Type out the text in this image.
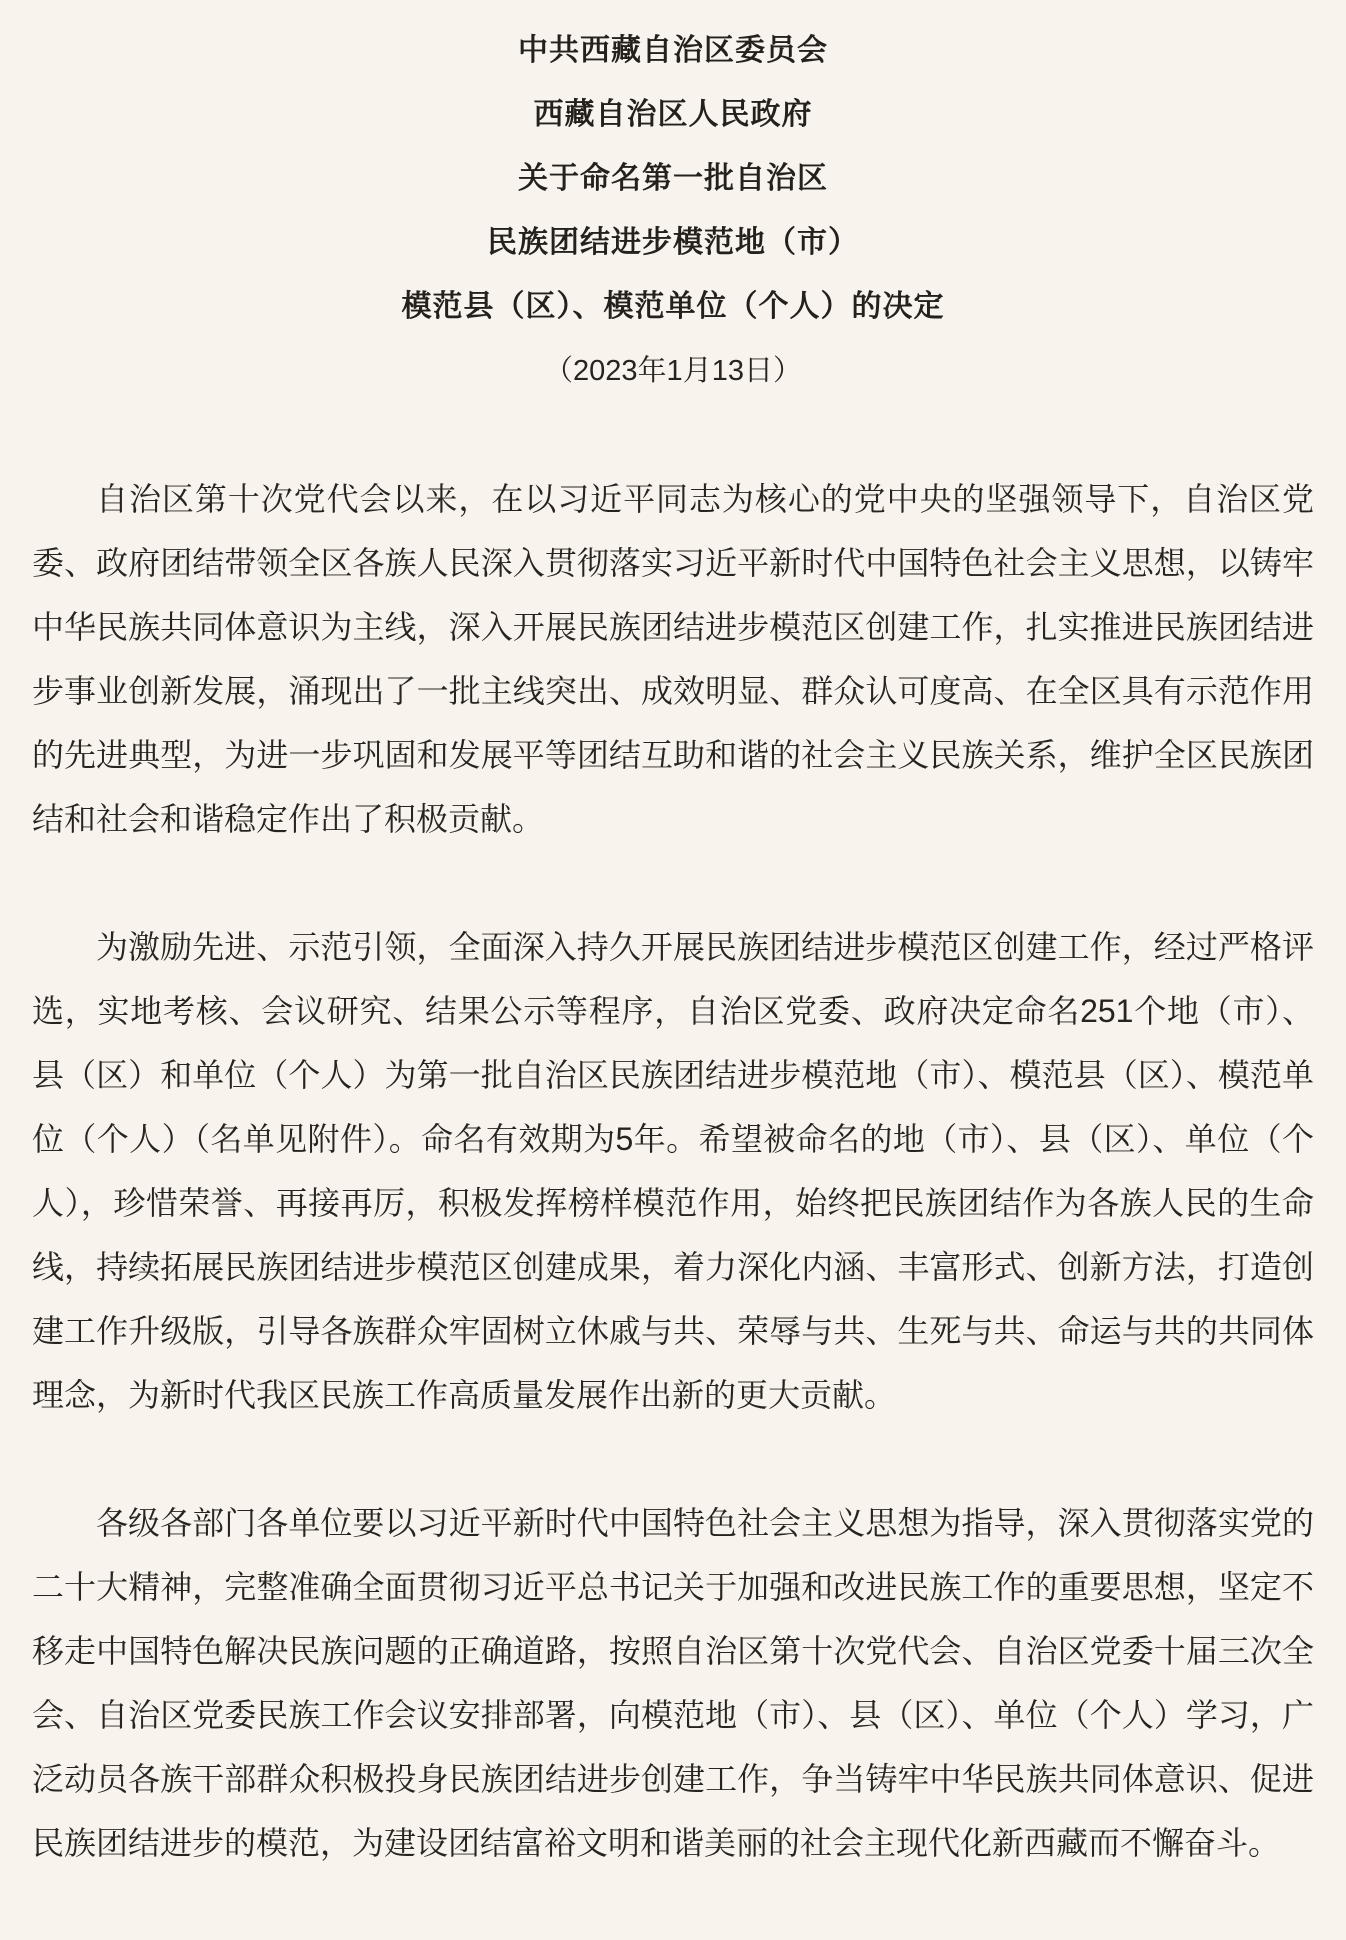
中共西藏自治区委员会
西藏自治区人民政府
关于命名第一批自治区
民族团结进步模范地（市）
模范县（区）、模范单位（个人）的决定
（2023年1月13日）

自治区第十次党代会以来，在以习近平同志为核心的党中央的坚强领导下，自治区党委、政府团结带领全区各族人民深入贯彻落实习近平新时代中国特色社会主义思想，以铸牢中华民族共同体意识为主线，深入开展民族团结进步模范区创建工作，扎实推进民族团结进步事业创新发展，涌现出了一批主线突出、成效明显、群众认可度高、在全区具有示范作用的先进典型，为进一步巩固和发展平等团结互助和谐的社会主义民族关系，维护全区民族团结和社会和谐稳定作出了积极贡献。

为激励先进、示范引领，全面深入持久开展民族团结进步模范区创建工作，经过严格评选，实地考核、会议研究、结果公示等程序，自治区党委、政府决定命名251个地（市）、县（区）和单位（个人）为第一批自治区民族团结进步模范地（市）、模范县（区）、模范单位（个人）（名单见附件）。命名有效期为5年。希望被命名的地（市）、县（区）、单位（个人），珍惜荣誉、再接再厉，积极发挥榜样模范作用，始终把民族团结作为各族人民的生命线，持续拓展民族团结进步模范区创建成果，着力深化内涵、丰富形式、创新方法，打造创建工作升级版，引导各族群众牢固树立休戚与共、荣辱与共、生死与共、命运与共的共同体理念，为新时代我区民族工作高质量发展作出新的更大贡献。

各级各部门各单位要以习近平新时代中国特色社会主义思想为指导，深入贯彻落实党的二十大精神，完整准确全面贯彻习近平总书记关于加强和改进民族工作的重要思想，坚定不移走中国特色解决民族问题的正确道路，按照自治区第十次党代会、自治区党委十届三次全会、自治区党委民族工作会议安排部署，向模范地（市）、县（区）、单位（个人）学习，广泛动员各族干部群众积极投身民族团结进步创建工作，争当铸牢中华民族共同体意识、促进民族团结进步的模范，为建设团结富裕文明和谐美丽的社会主现代化新西藏而不懈奋斗。
